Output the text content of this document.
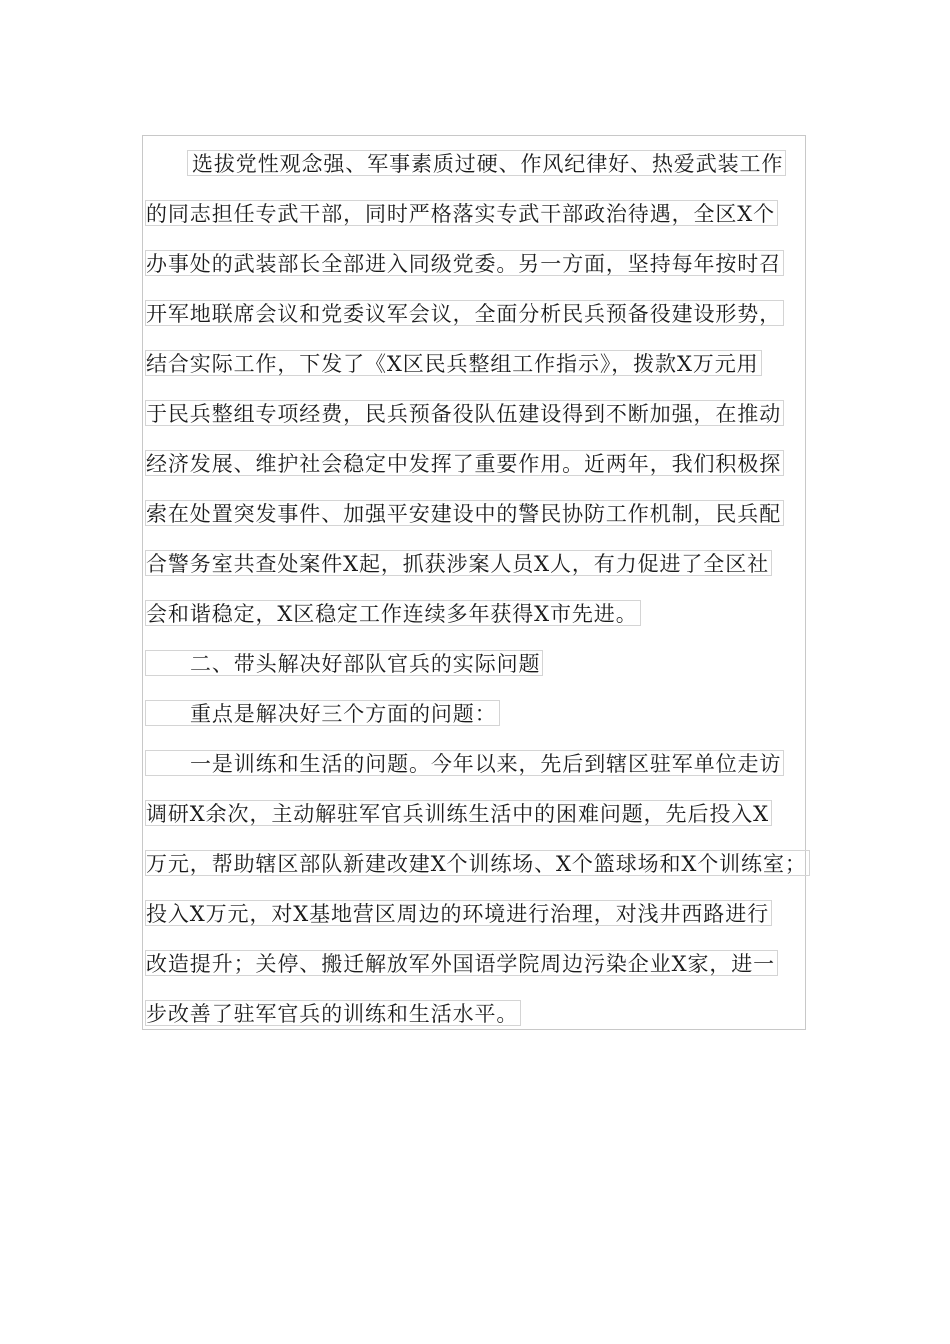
选拔党性观念强、军事素质过硬、作风纪律好、热爱武装工作
的同志担任专武干部，同时严格落实专武干部政治待遇，全区X个
办事处的武装部长全部进入同级党委。另一方面，坚持每年按时召
开军地联席会议和党委议军会议，全面分析民兵预备役建设形势，
结合实际工作，下发了《X区民兵整组工作指示》，拨款X万元用
于民兵整组专项经费，民兵预备役队伍建设得到不断加强，在推动
经济发展、维护社会稳定中发挥了重要作用。近两年，我们积极探
索在处置突发事件、加强平安建设中的警民协防工作机制，民兵配
合警务室共查处案件X起，抓获涉案人员X人，有力促进了全区社
会和谐稳定，X区稳定工作连续多年获得X市先进。
二、带头解决好部队官兵的实际问题
重点是解决好三个方面的问题：
一是训练和生活的问题。今年以来，先后到辖区驻军单位走访
调研X余次，主动解驻军官兵训练生活中的困难问题，先后投入X
万元，帮助辖区部队新建改建X个训练场、X个篮球场和X个训练室；
投入X万元，对X基地营区周边的环境进行治理，对浅井西路进行
改造提升；关停、搬迁解放军外国语学院周边污染企业X家，进一
步改善了驻军官兵的训练和生活水平。
